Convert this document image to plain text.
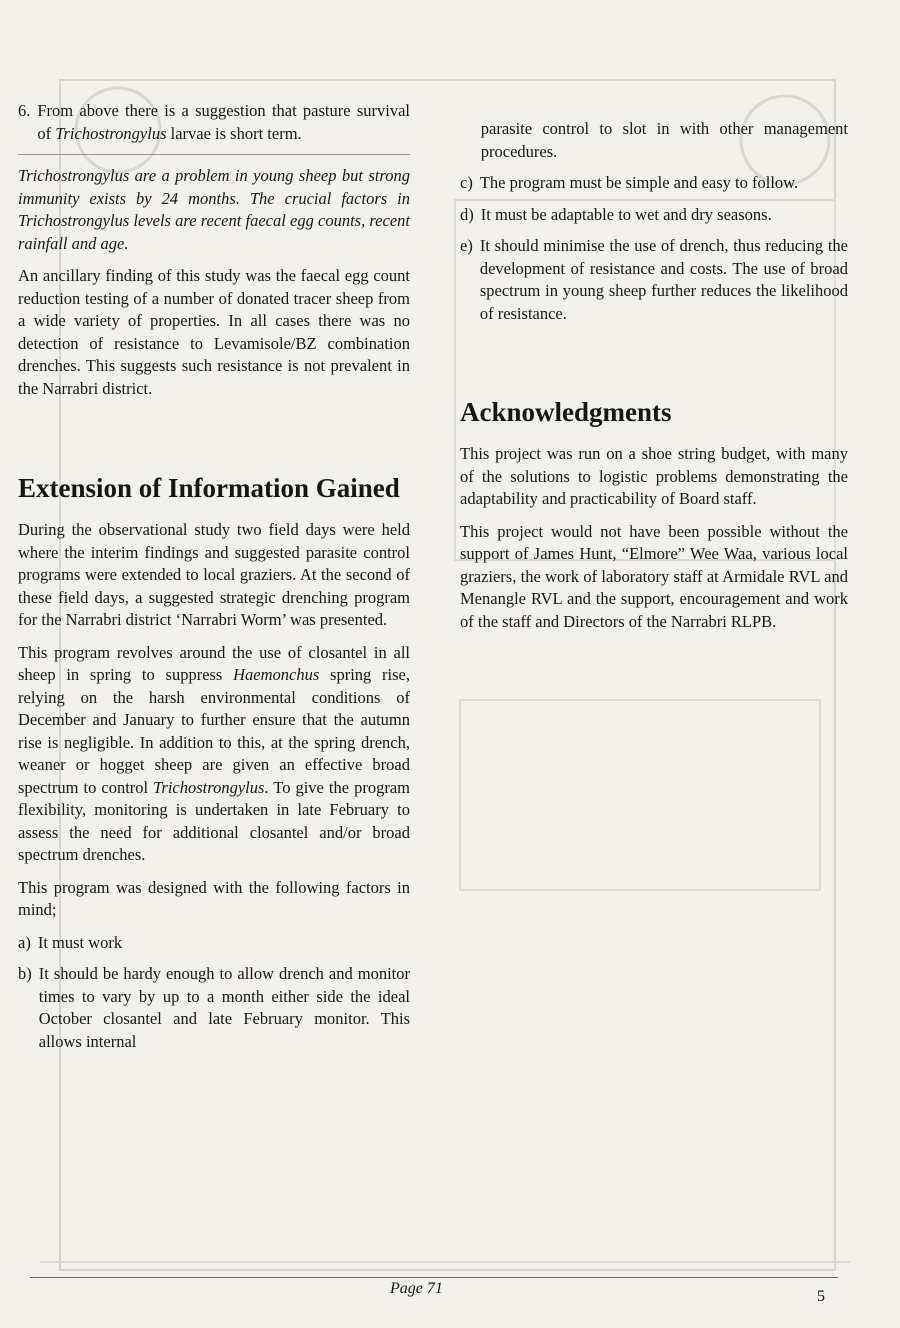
6. From above there is a suggestion that pasture survival of Trichostrongylus larvae is short term.

Trichostrongylus are a problem in young sheep but strong immunity exists by 24 months. The crucial factors in Trichostrongylus levels are recent faecal egg counts, recent rainfall and age.

An ancillary finding of this study was the faecal egg count reduction testing of a number of donated tracer sheep from a wide variety of properties. In all cases there was no detection of resistance to Levamisole/BZ combination drenches. This suggests such resistance is not prevalent in the Narrabri district.

Extension of Information Gained

During the observational study two field days were held where the interim findings and suggested parasite control programs were extended to local graziers. At the second of these field days, a suggested strategic drenching program for the Narrabri district ‘Narrabri Worm’ was presented.

This program revolves around the use of closantel in all sheep in spring to suppress Haemonchus spring rise, relying on the harsh environmental conditions of December and January to further ensure that the autumn rise is negligible. In addition to this, at the spring drench, weaner or hogget sheep are given an effective broad spectrum to control Trichostrongylus. To give the program flexibility, monitoring is undertaken in late February to assess the need for additional closantel and/or broad spectrum drenches.

This program was designed with the following factors in mind;

a) It must work
b) It should be hardy enough to allow drench and monitor times to vary by up to a month either side the ideal October closantel and late February monitor. This allows internal
parasite control to slot in with other management procedures.
c) The program must be simple and easy to follow.
d) It must be adaptable to wet and dry seasons.
e) It should minimise the use of drench, thus reducing the development of resistance and costs. The use of broad spectrum in young sheep further reduces the likelihood of resistance.
Acknowledgments

This project was run on a shoe string budget, with many of the solutions to logistic problems demonstrating the adaptability and practicability of Board staff.

This project would not have been possible without the support of James Hunt, “Elmore” Wee Waa, various local graziers, the work of laboratory staff at Armidale RVL and Menangle RVL and the support, encouragement and work of the staff and Directors of the Narrabri RLPB.

Page 71	5
